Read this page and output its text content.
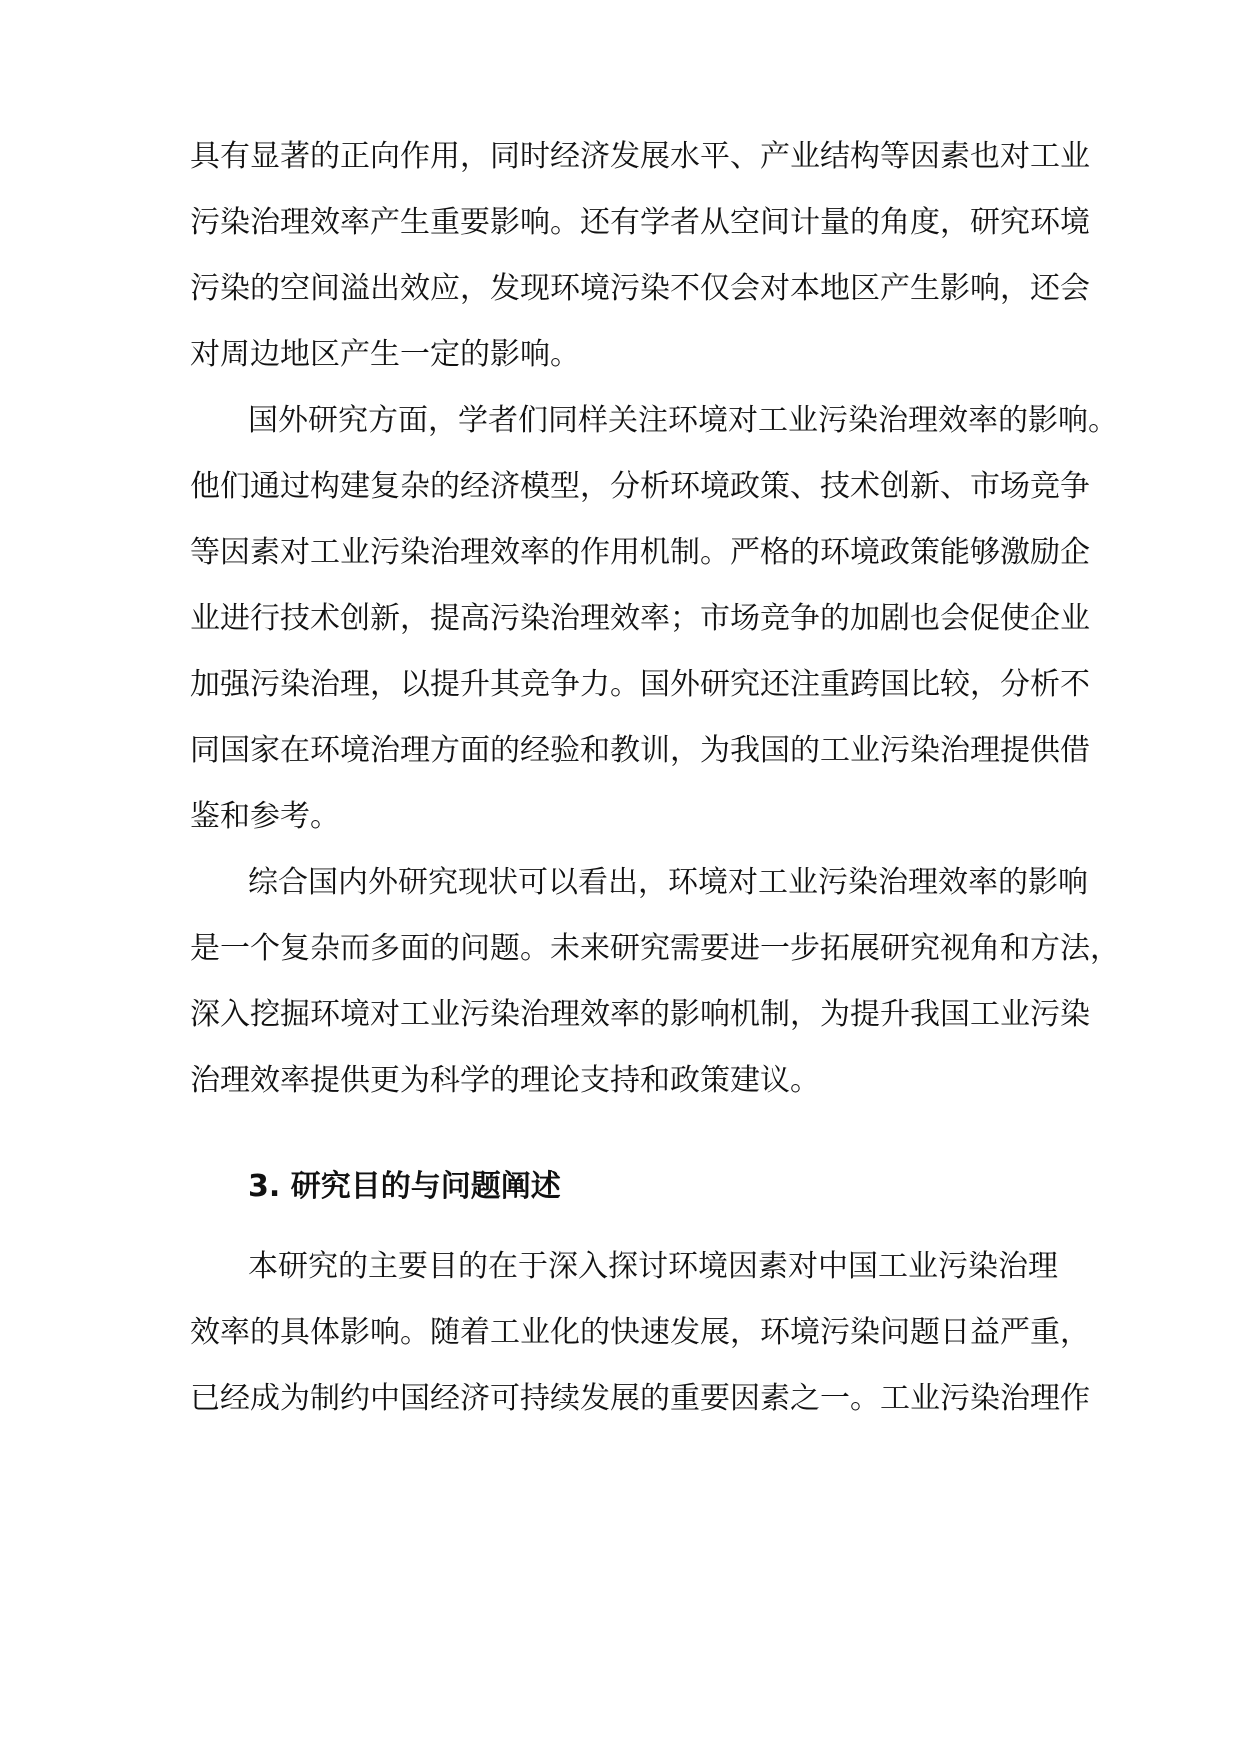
具有显著的正向作用，同时经济发展水平、产业结构等因素也对工业
污染治理效率产生重要影响。还有学者从空间计量的角度，研究环境
污染的空间溢出效应，发现环境污染不仅会对本地区产生影响，还会
对周边地区产生一定的影响。
国外研究方面，学者们同样关注环境对工业污染治理效率的影响。
他们通过构建复杂的经济模型，分析环境政策、技术创新、市场竞争
等因素对工业污染治理效率的作用机制。严格的环境政策能够激励企
业进行技术创新，提高污染治理效率；市场竞争的加剧也会促使企业
加强污染治理，以提升其竞争力。国外研究还注重跨国比较，分析不
同国家在环境治理方面的经验和教训，为我国的工业污染治理提供借
鉴和参考。
综合国内外研究现状可以看出，环境对工业污染治理效率的影响
是一个复杂而多面的问题。未来研究需要进一步拓展研究视角和方法，
深入挖掘环境对工业污染治理效率的影响机制，为提升我国工业污染
治理效率提供更为科学的理论支持和政策建议。
3. 研究目的与问题阐述
本研究的主要目的在于深入探讨环境因素对中国工业污染治理
效率的具体影响。随着工业化的快速发展，环境污染问题日益严重，
已经成为制约中国经济可持续发展的重要因素之一。工业污染治理作
